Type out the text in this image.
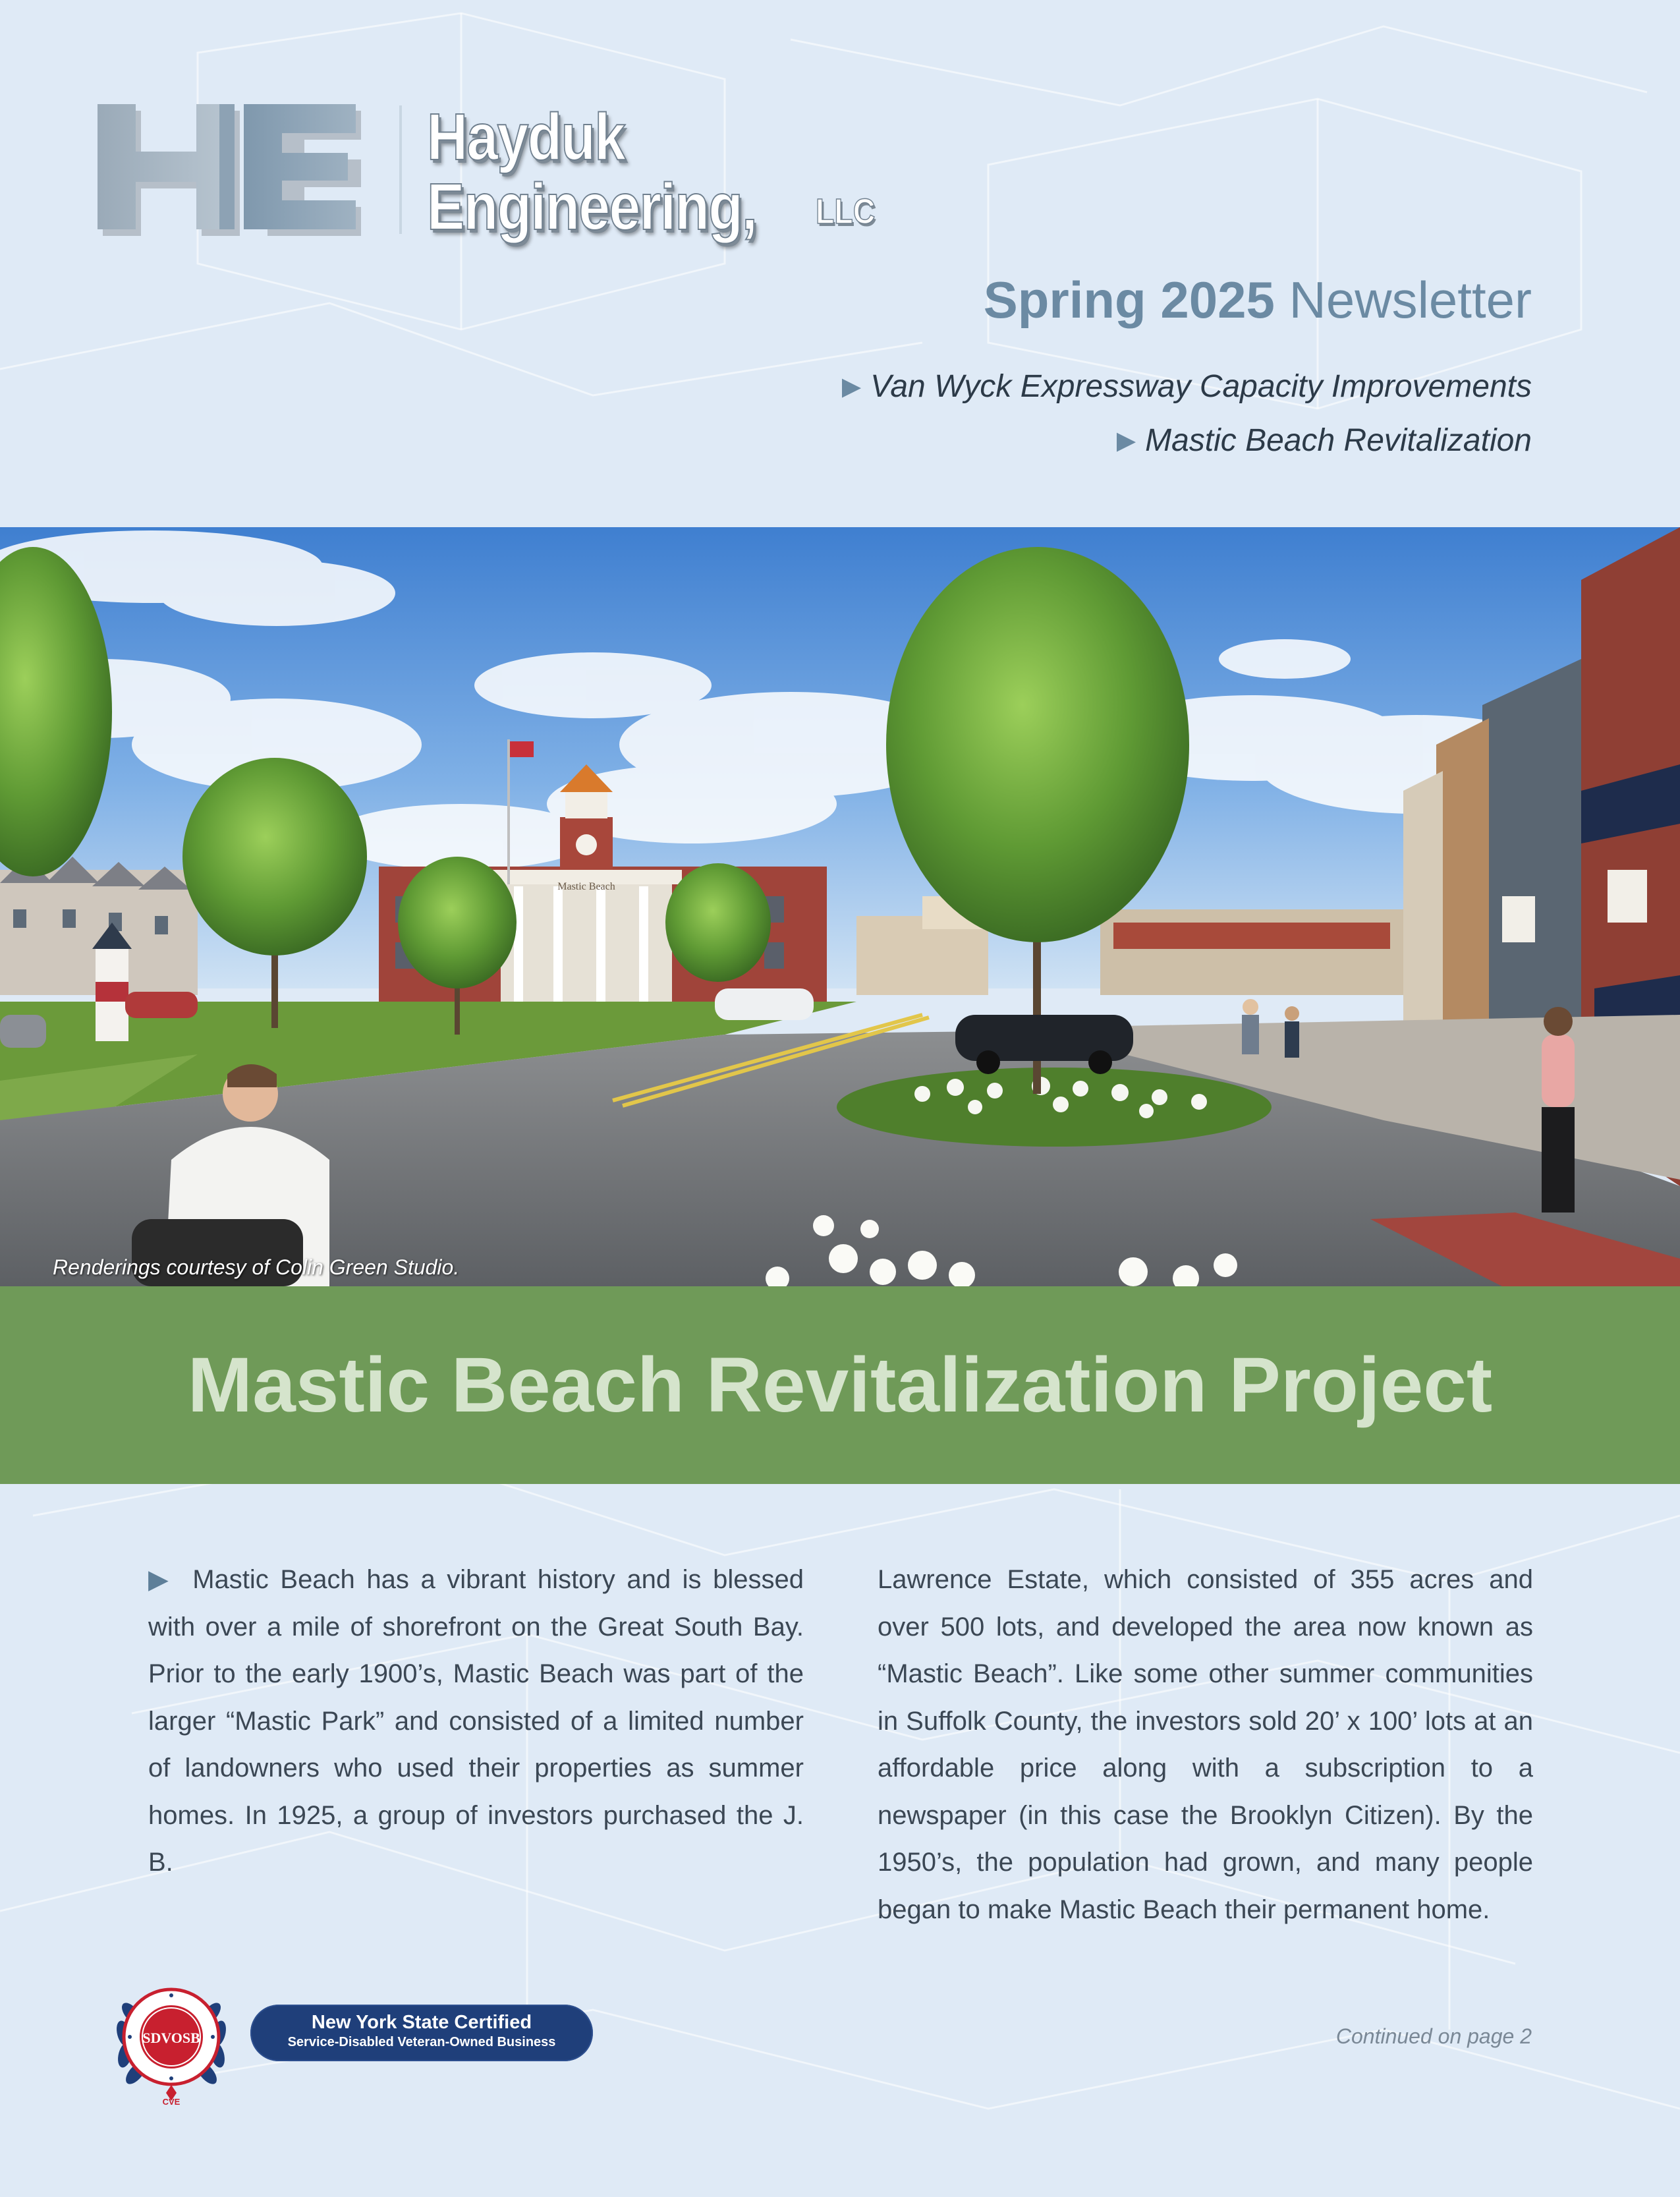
Hayduk
Engineering, LLC
Spring 2025 Newsletter
▶ Van Wyck Expressway Capacity Improvements
▶ Mastic Beach Revitalization
Mastic Beach
Renderings courtesy of Colin Green Studio.
Mastic Beach Revitalization Project
▶ Mastic Beach has a vibrant history and is blessed with over a mile of shorefront on the Great South Bay. Prior to the early 1900’s, Mastic Beach was part of the larger “Mastic Park” and consisted of a limited number of landowners who used their properties as summer homes. In 1925, a group of investors purchased the J. B.
Lawrence Estate, which consisted of 355 acres and over 500 lots, and developed the area now known as “Mastic Beach”. Like some other summer communities in Suffolk County, the investors sold 20’ x 100’ lots at an affordable price along with a subscription to a newspaper (in this case the Brooklyn Citizen). By the 1950’s, the population had grown, and many people began to make Mastic Beach their permanent home.
Continued on page 2
SDVOSB
CVE
New York State Certified
Service-Disabled Veteran-Owned Business
